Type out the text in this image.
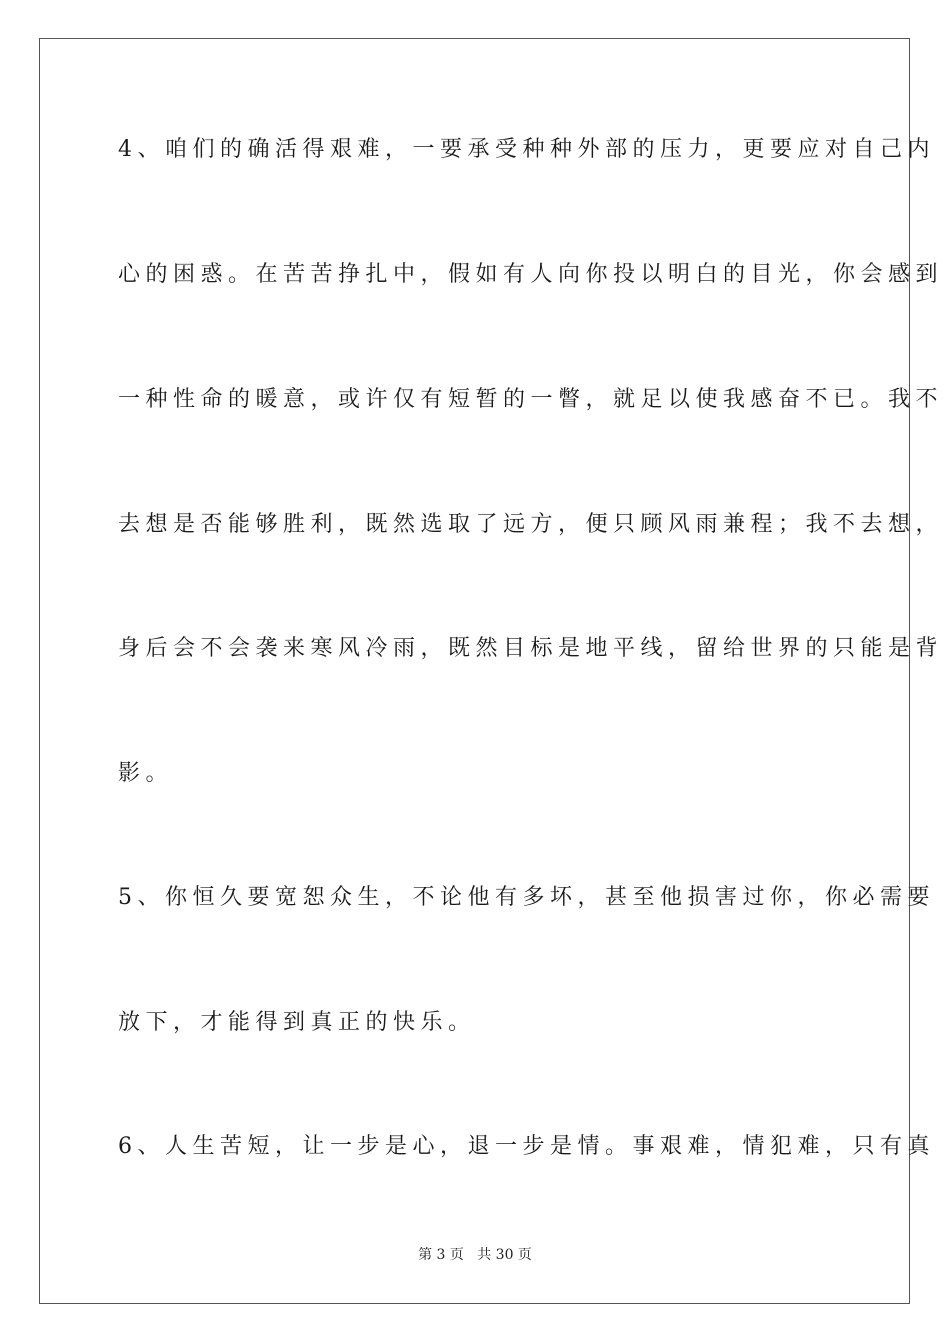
4、咱们的确活得艰难，一要承受种种外部的压力，更要应对自己内
心的困惑。在苦苦挣扎中，假如有人向你投以明白的目光，你会感到
一种性命的暖意，或许仅有短暂的一瞥，就足以使我感奋不已。我不
去想是否能够胜利，既然选取了远方，便只顾风雨兼程；我不去想，
身后会不会袭来寒风冷雨，既然目标是地平线，留给世界的只能是背
影。
5、你恒久要宽恕众生，不论他有多坏，甚至他损害过你，你必需要
放下，才能得到真正的快乐。
6、人生苦短，让一步是心，退一步是情。事艰难，情犯难，只有真
第 3 页   共 30 页
